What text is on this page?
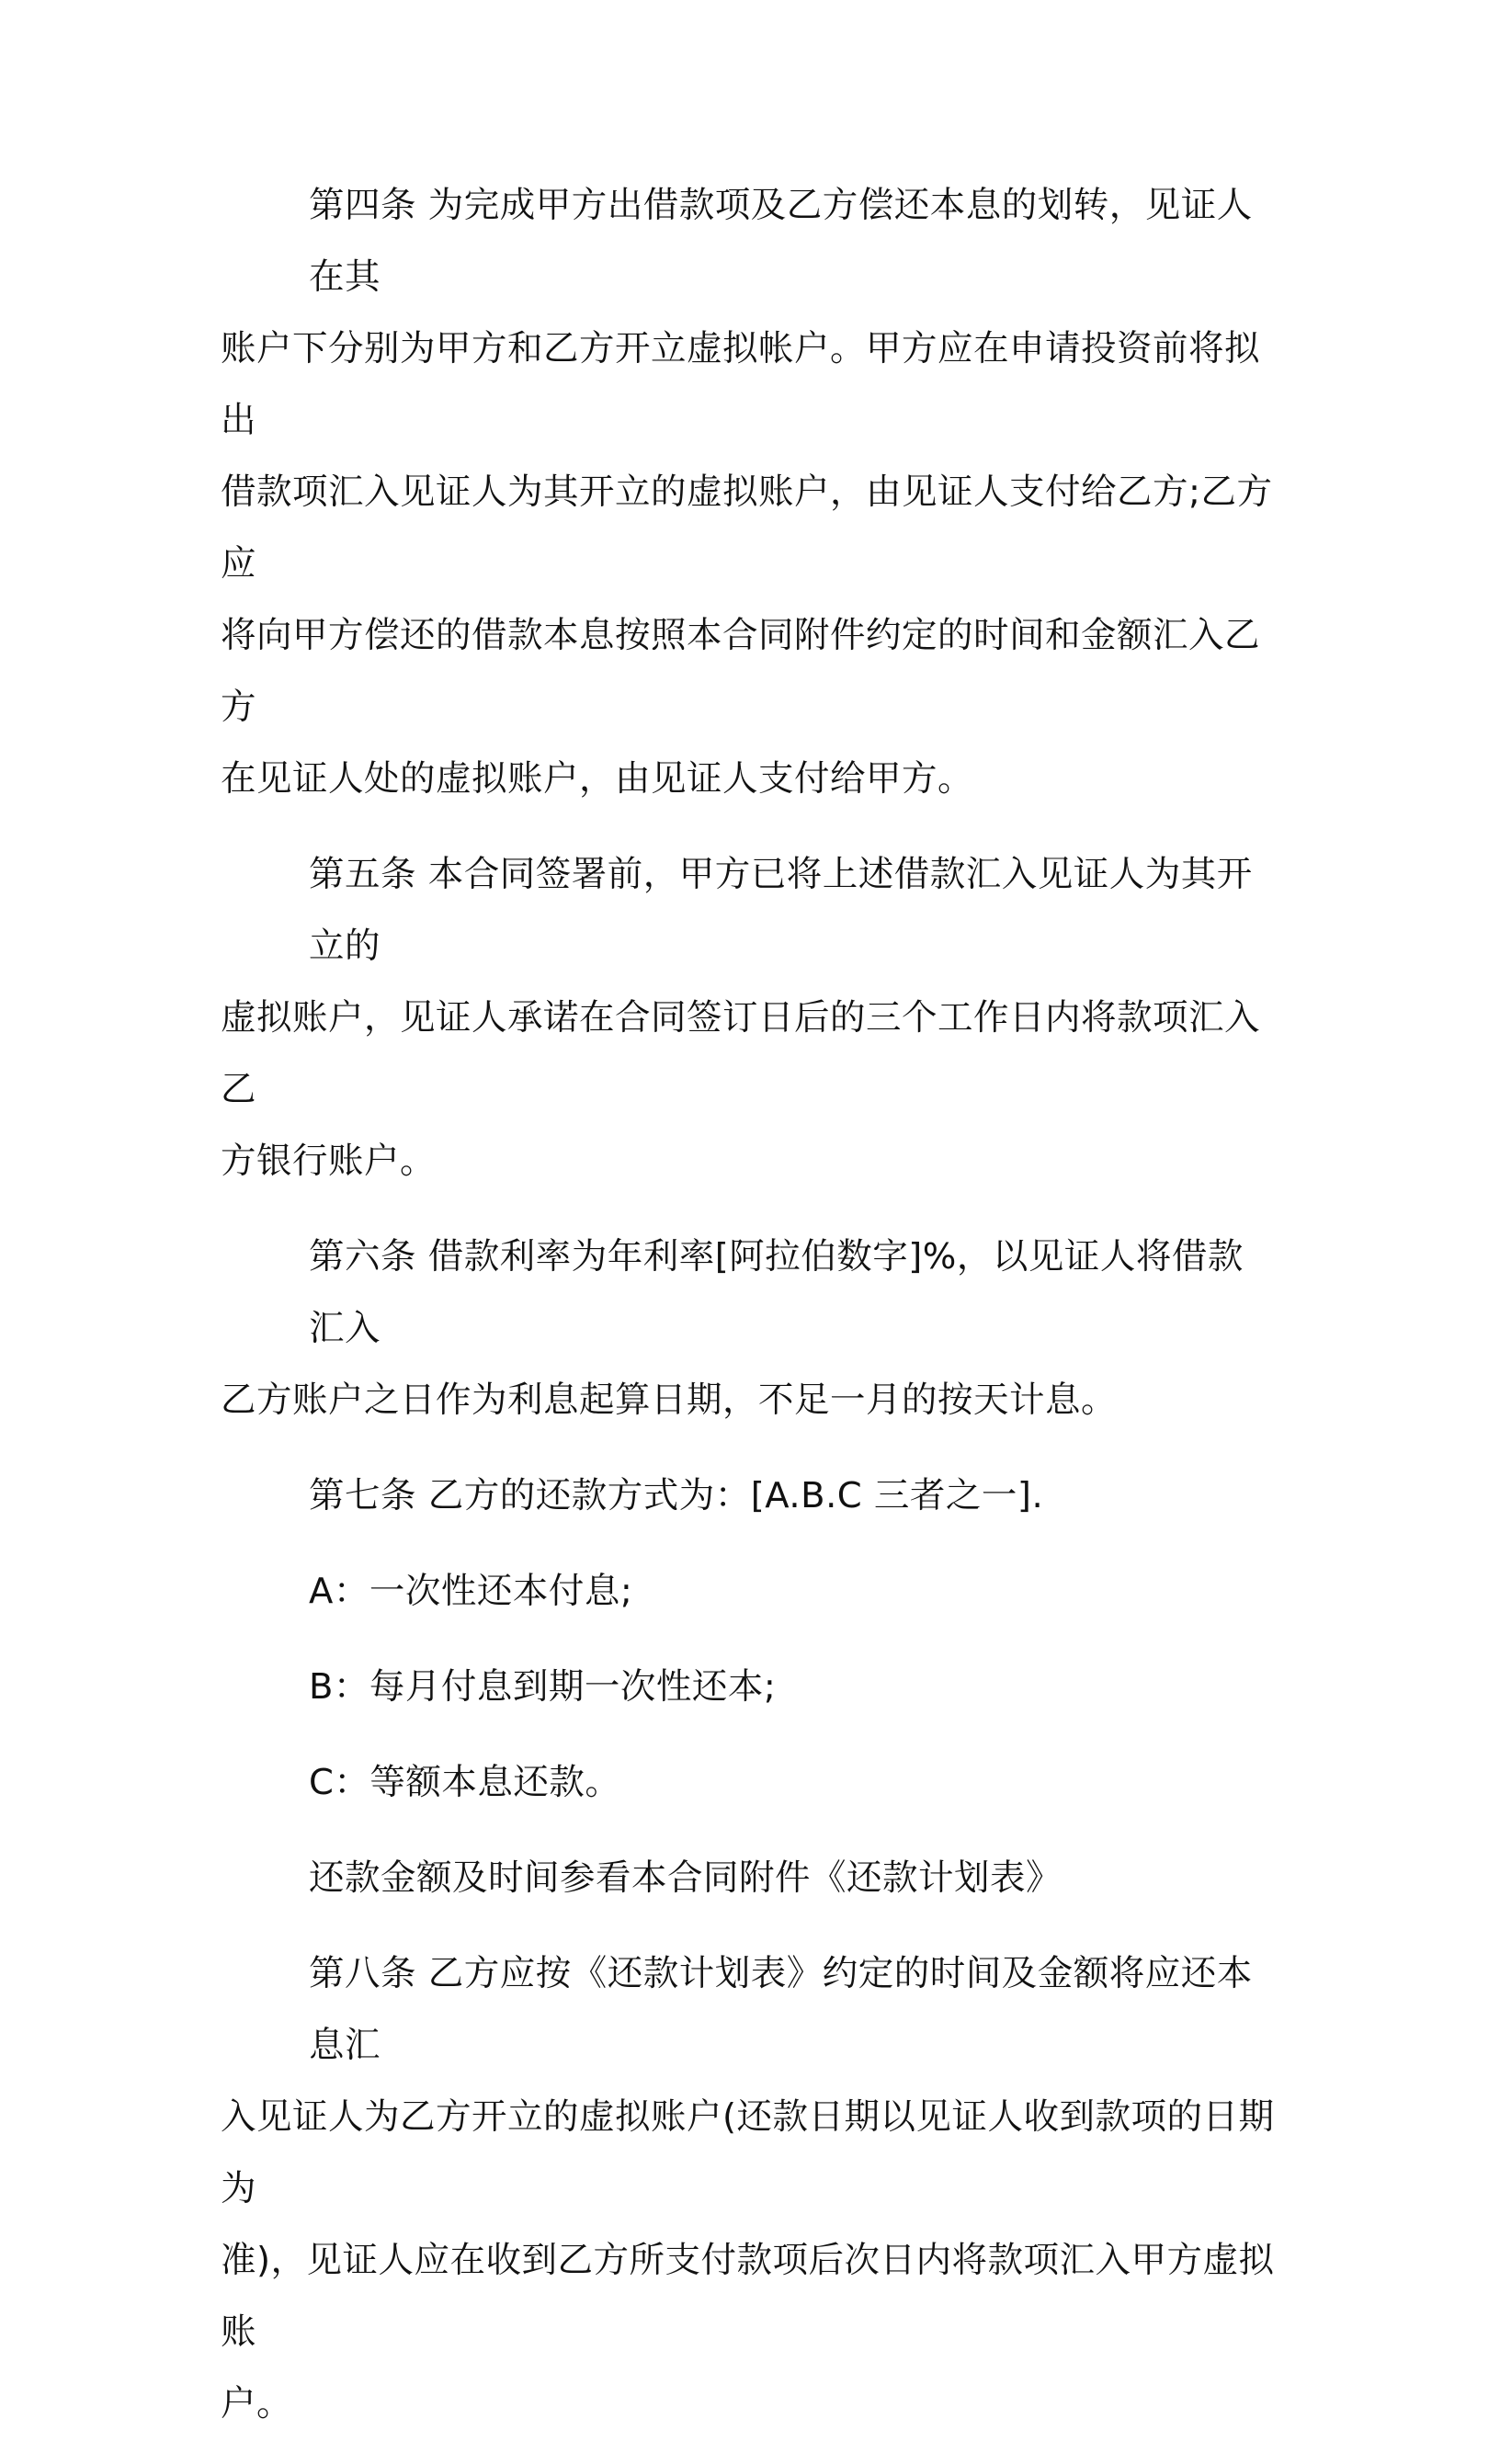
第四条 为完成甲方出借款项及乙方偿还本息的划转，见证人在其
账户下分别为甲方和乙方开立虚拟帐户。甲方应在申请投资前将拟出
借款项汇入见证人为其开立的虚拟账户，由见证人支付给乙方;乙方应
将向甲方偿还的借款本息按照本合同附件约定的时间和金额汇入乙方
在见证人处的虚拟账户，由见证人支付给甲方。
第五条 本合同签署前，甲方已将上述借款汇入见证人为其开立的
虚拟账户，见证人承诺在合同签订日后的三个工作日内将款项汇入乙
方银行账户。
第六条 借款利率为年利率[阿拉伯数字]%，以见证人将借款汇入
乙方账户之日作为利息起算日期，不足一月的按天计息。
第七条 乙方的还款方式为：[A.B.C 三者之一].
A：一次性还本付息;
B：每月付息到期一次性还本;
C：等额本息还款。
还款金额及时间参看本合同附件《还款计划表》
第八条 乙方应按《还款计划表》约定的时间及金额将应还本息汇
入见证人为乙方开立的虚拟账户(还款日期以见证人收到款项的日期为
准)，见证人应在收到乙方所支付款项后次日内将款项汇入甲方虚拟账
户。
